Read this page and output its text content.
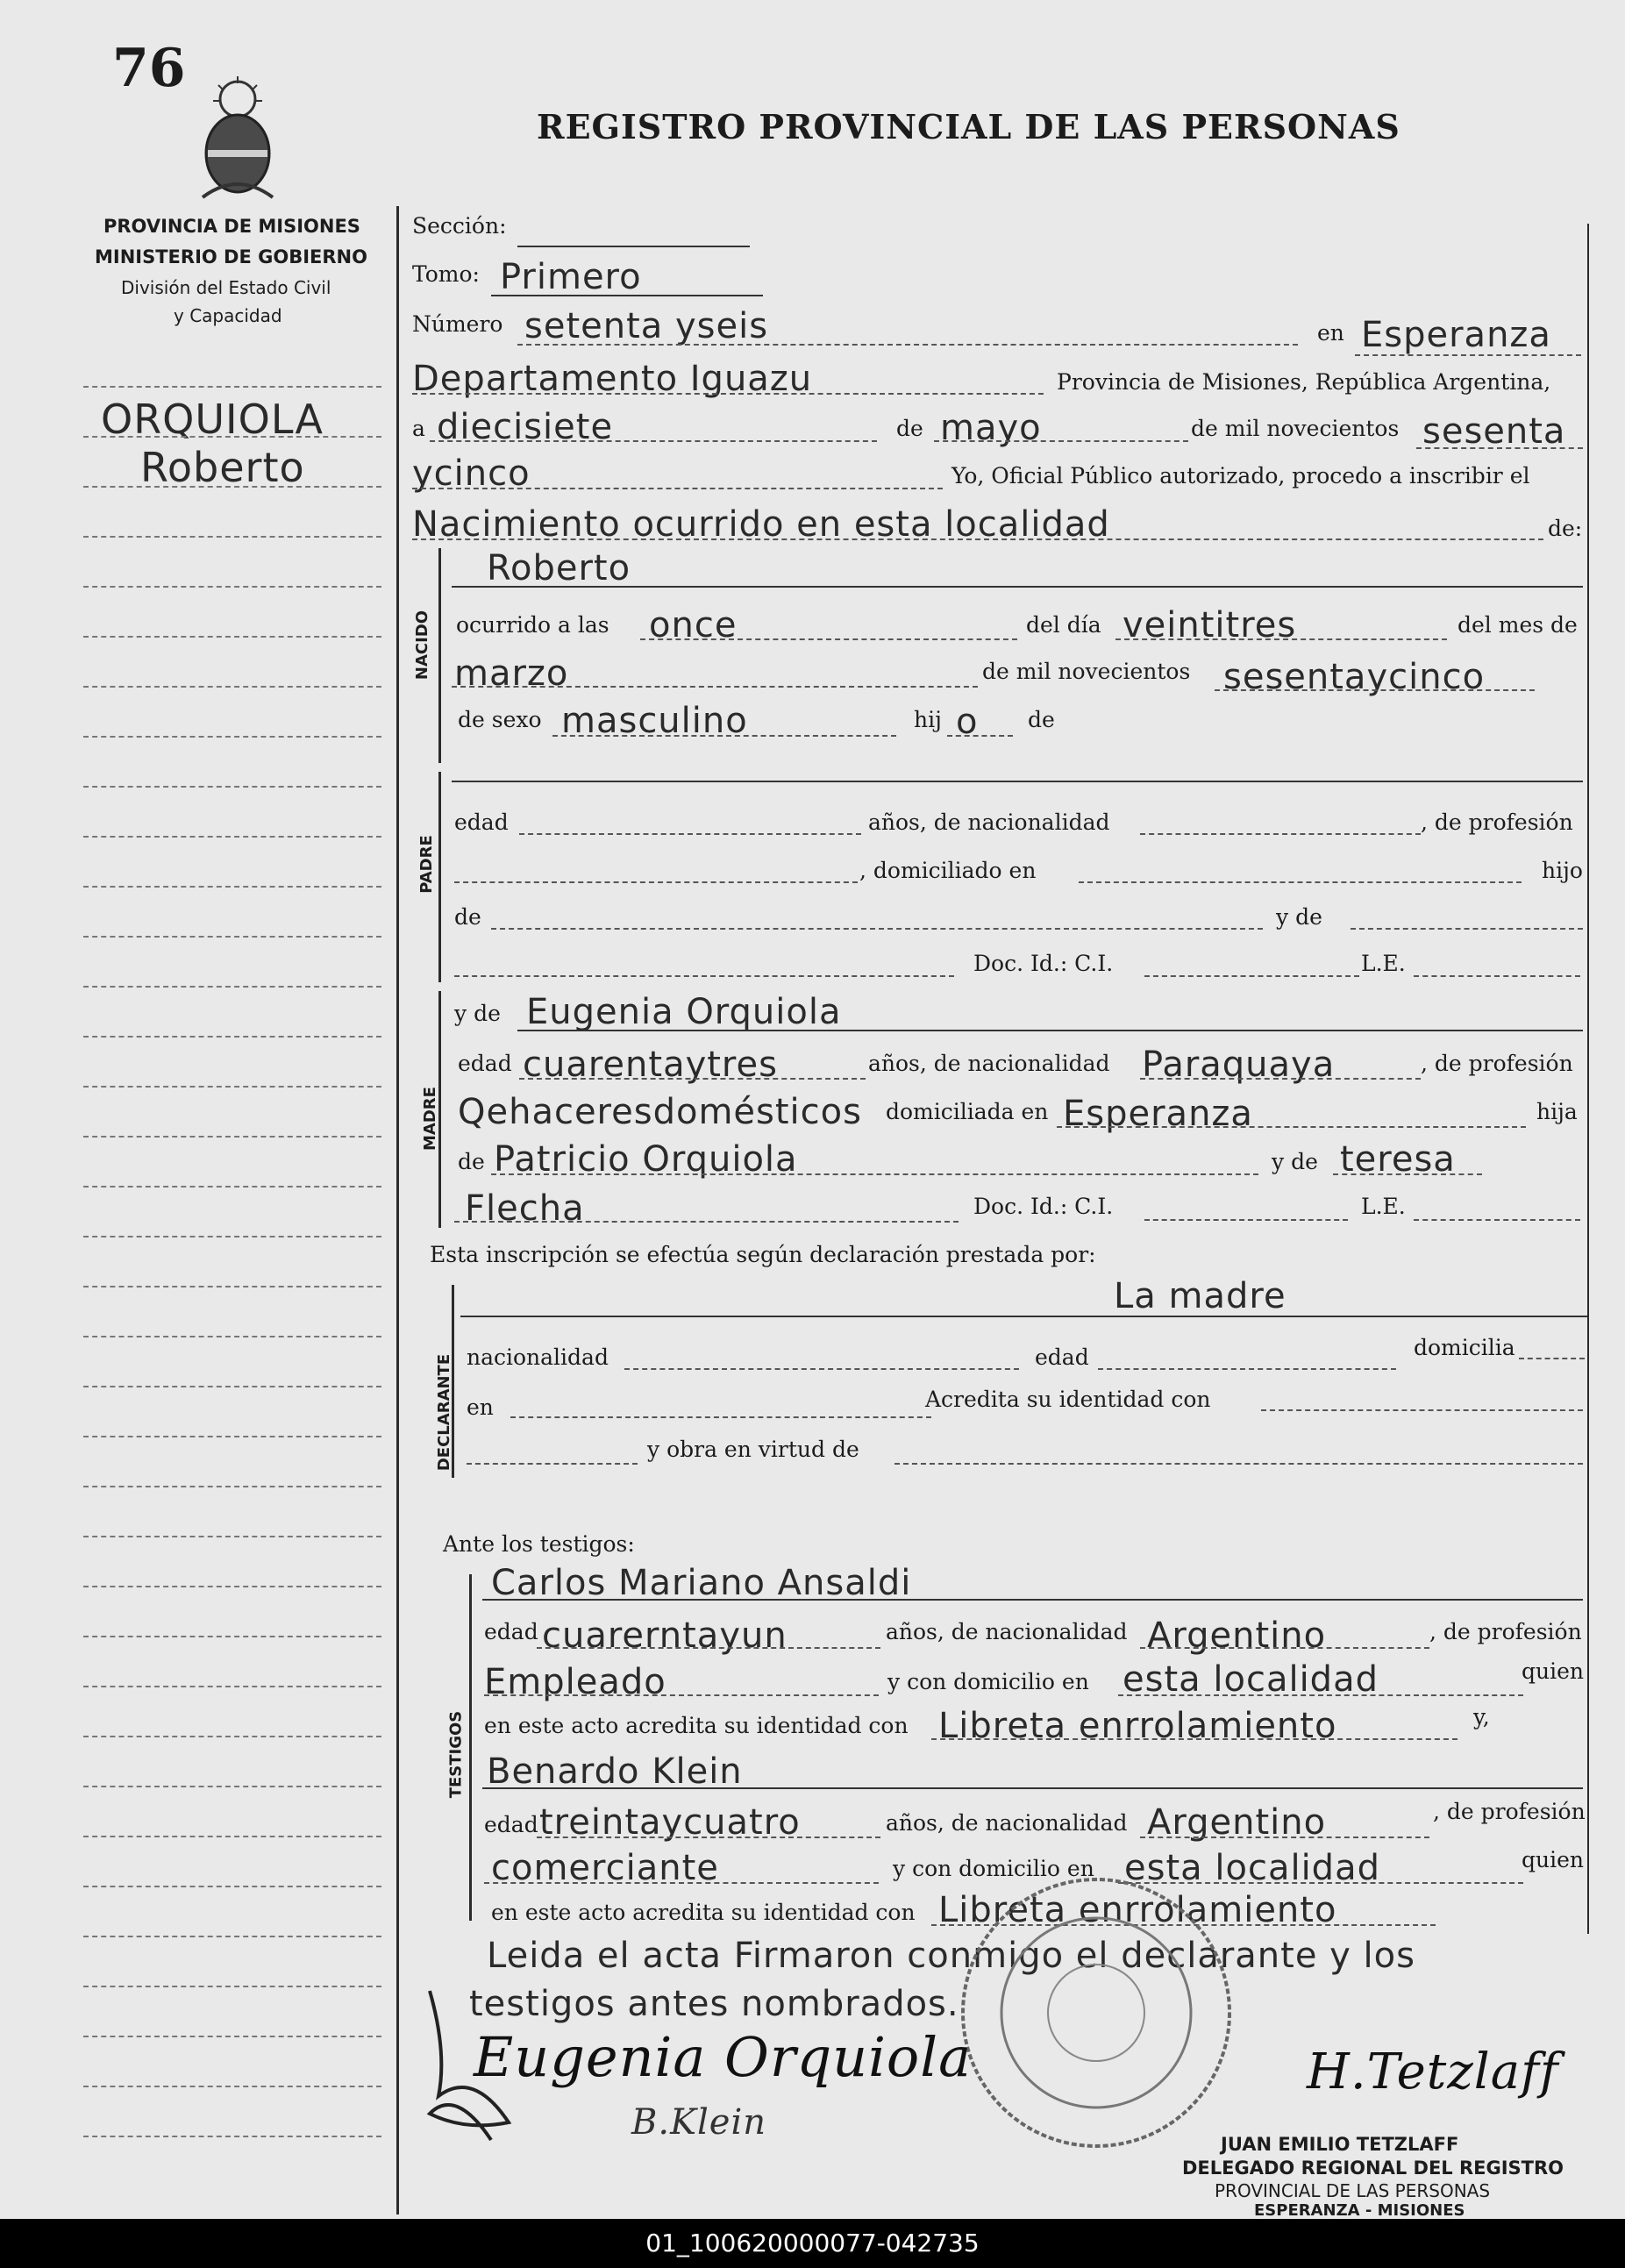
76
REGISTRO PROVINCIAL DE LAS PERSONAS
PROVINCIA DE MISIONES
MINISTERIO DE GOBIERNO
División del Estado Civil
y Capacidad
ORQUIOLA
Roberto
Sección:
Tomo: Primero
Número setenta yseis	en Esperanza
Departamento Iguazu	Provincia de Misiones, República Argentina,
a diecisiete	de mayo	de mil novecientos sesenta
ycinco	Yo, Oficial Público autorizado, procedo a inscribir el
Nacimiento ocurrido en esta localidad	de:
NACIDO
Roberto
ocurrido a las once	del día veintitres	del mes de
marzo	de mil novecientos sesentaycinco
de sexo masculino	hij o de
PADRE
edad	años, de nacionalidad	, de profesión
, domiciliado en	hijo
de	y de
Doc. Id.: C.I.	L.E.
MADRE
y de Eugenia Orquiola
edad cuarentaytres	años, de nacionalidad Paraquaya	, de profesión
Qehaceresdomésticos domiciliada en Esperanza	hija
de Patricio Orquiola	y de teresa
Flecha	Doc. Id.: C.I.	L.E.
Esta inscripción se efectúa según declaración prestada por:
DECLARANTE
La madre
nacionalidad	edad	domicilia
en	Acredita su identidad con
y obra en virtud de
Ante los testigos:
TESTIGOS
Carlos Mariano Ansaldi
edad cuarerntayun	años, de nacionalidad Argentino	, de profesión
Empleado	y con domicilio en esta localidad	quien
en este acto acredita su identidad con Libreta enrrolamiento	y,
Benardo Klein
edad treintaycuatro	años, de nacionalidad Argentino	, de profesión
comerciante	y con domicilio en esta localidad	quien
en este acto acredita su identidad con Libreta enrrolamiento
Leida el acta Firmaron conmigo el declarante y los
testigos antes nombrados.
Eugenia Orquiola
B.Klein
H.Tetzlaff
JUAN EMILIO TETZLAFF
DELEGADO REGIONAL DEL REGISTRO
PROVINCIAL DE LAS PERSONAS
ESPERANZA - MISIONES
01_100620000077-042735
